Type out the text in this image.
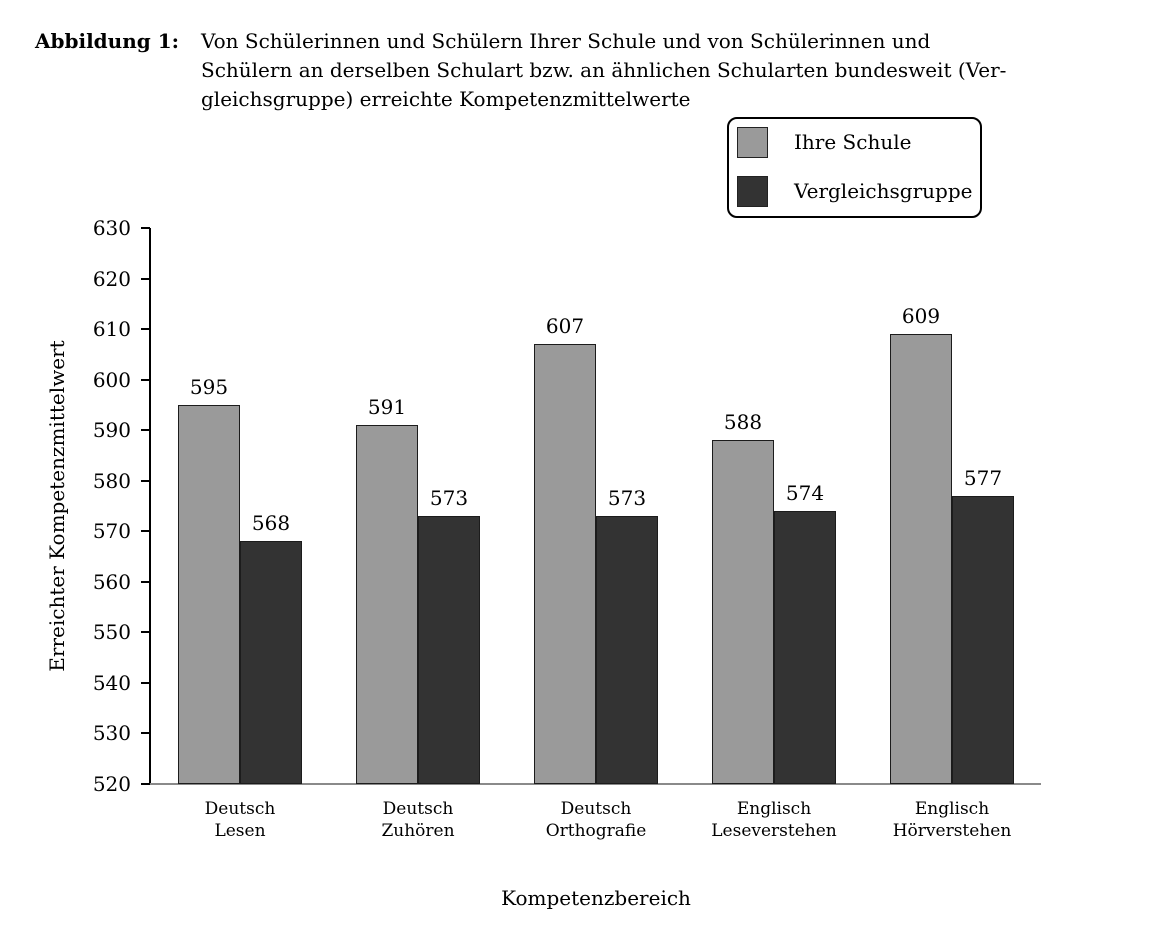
Abbildung 1:	Von Schülerinnen und Schülern Ihrer Schule und von Schülerinnen und
Schülern an derselben Schulart bzw. an ähnlichen Schularten bundesweit (Ver-
gleichsgruppe) erreichte Kompetenzmittelwerte
Ihre Schule
Vergleichsgruppe
Erreichter Kompetenzmittelwert
520
530
540
550
560
570
580
590
600
610
620
630
595
568
Deutsch
Lesen
591
573
Deutsch
Zuhören
607
573
Deutsch
Orthografie
588
574
Englisch
Leseverstehen
609
577
Englisch
Hörverstehen
Kompetenzbereich
